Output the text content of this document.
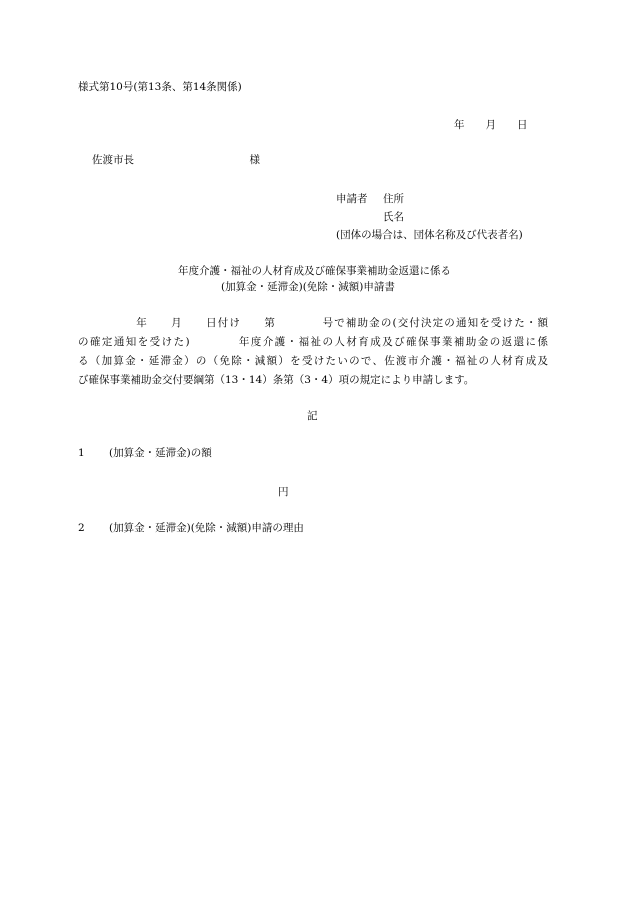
様式第10号(第13条、第14条関係)
年　　月　　日
佐渡市長　　　　　　　　　　　様
申請者 住所
氏名
(団体の場合は、団体名称及び代表者名)
年度介護・福祉の人材育成及び確保事業補助金返還に係る
(加算金・延滞金)(免除・減額)申請書
　　　　　年　　月　　日付け　　第　　　　号で補助金の(交付決定の通知を受けた・額
の確定通知を受けた)　　　　年度介護・福祉の人材育成及び確保事業補助金の返還に係
る（加算金・延滞金）の（免除・減額）を受けたいので、佐渡市介護・福祉の人材育成及
び確保事業補助金交付要綱第（13・14）条第（3・4）項の規定により申請します。
記
1 (加算金・延滞金)の額
円
2 (加算金・延滞金)(免除・減額)申請の理由
